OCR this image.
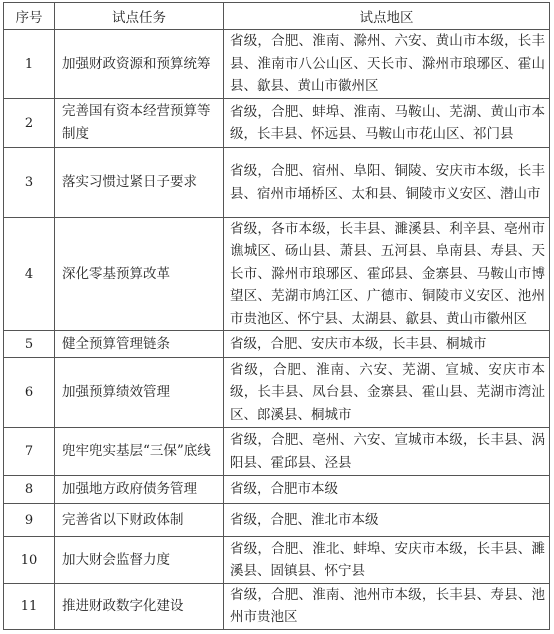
序号	试点任务	试点地区
1	加强财政资源和预算统筹	省级，合肥、淮南、滁州、六安、黄山市本级，长丰县、淮南市八公山区、天长市、滁州市琅琊区、霍山县、歙县、黄山市徽州区
2	完善国有资本经营预算等制度	省级，合肥、蚌埠、淮南、马鞍山、芜湖、黄山市本级，长丰县、怀远县、马鞍山市花山区、祁门县
3	落实习惯过紧日子要求	省级，合肥、宿州、阜阳、铜陵、安庆市本级，长丰县、宿州市埇桥区、太和县、铜陵市义安区、潜山市
4	深化零基预算改革	省级，各市本级，长丰县、濉溪县、利辛县、亳州市谯城区、砀山县、萧县、五河县、阜南县、寿县、天长市、滁州市琅琊区、霍邱县、金寨县、马鞍山市博望区、芜湖市鸠江区、广德市、铜陵市义安区、池州市贵池区、怀宁县、太湖县、歙县、黄山市徽州区
5	健全预算管理链条	省级，合肥、安庆市本级，长丰县、桐城市
6	加强预算绩效管理	省级，合肥、淮南、六安、芜湖、宣城、安庆市本级，长丰县、凤台县、金寨县、霍山县、芜湖市湾沚区、郎溪县、桐城市
7	兜牢兜实基层“三保”底线	省级，合肥、亳州、六安、宣城市本级，长丰县、涡阳县、霍邱县、泾县
8	加强地方政府债务管理	省级，合肥市本级
9	完善省以下财政体制	省级，合肥、淮北市本级
10	加大财会监督力度	省级，合肥、淮北、蚌埠、安庆市本级，长丰县、濉溪县、固镇县、怀宁县
11	推进财政数字化建设	省级，合肥、淮南、池州市本级，长丰县、寿县、池州市贵池区
